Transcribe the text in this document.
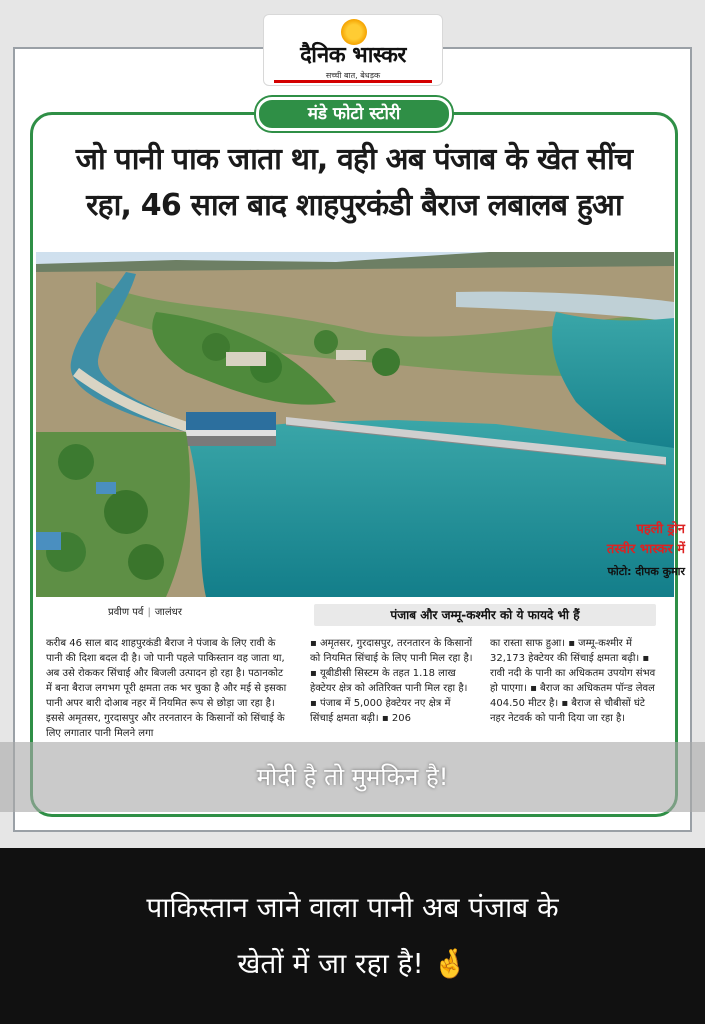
दैनिक भास्कर
सच्ची बात, बेधड़क
जो पानी पाक जाता था, वही अब पंजाब के खेत सींच
रहा, 46 साल बाद शाहपुरकंडी बैराज लबालब हुआ
मंडे फोटो स्टोरी
पहली ड्रोन
तस्वीर भास्कर में
फोटो: दीपक कुमार
प्रवीण पर्व | जालंधर	पंजाब और जम्मू-कश्मीर को ये फायदे भी हैं
करीब 46 साल बाद शाहपुरकंडी बैराज ने पंजाब के लिए रावी के पानी की दिशा बदल दी है। जो पानी पहले पाकिस्तान वह जाता था, अब उसे रोककर सिंचाई और बिजली उत्पादन हो रहा है। पठानकोट में बना बैराज लगभग पूरी क्षमता तक भर चुका है और मई से इसका पानी अपर बारी दोआब नहर में नियमित रूप से छोड़ा जा रहा है। इससे अमृतसर, गुरदासपुर और तरनतारन के किसानों को सिंचाई के लिए लगातार पानी मिलने लगा
▪ अमृतसर, गुरदासपुर, तरनतारन के किसानों को नियमित सिंचाई के लिए पानी मिल रहा है। ▪ यूबीडीसी सिस्टम के तहत 1.18 लाख हेक्टेयर क्षेत्र को अतिरिक्त पानी मिल रहा है। ▪ पंजाब में 5,000 हेक्टेयर नए क्षेत्र में सिंचाई क्षमता बढ़ी। ▪ 206
का रास्ता साफ हुआ। ▪ जम्मू-कश्मीर में 32,173 हेक्टेयर की सिंचाई क्षमता बढ़ी। ▪ रावी नदी के पानी का अधिकतम उपयोग संभव हो पाएगा। ▪ बैराज का अधिकतम पॉन्ड लेवल 404.50 मीटर है। ▪ बैराज से चौबीसों घंटे नहर नेटवर्क को पानी दिया जा रहा है।
मोदी है तो मुमकिन है!
पाकिस्तान जाने वाला पानी अब पंजाब के
खेतों में जा रहा है! 🤞
